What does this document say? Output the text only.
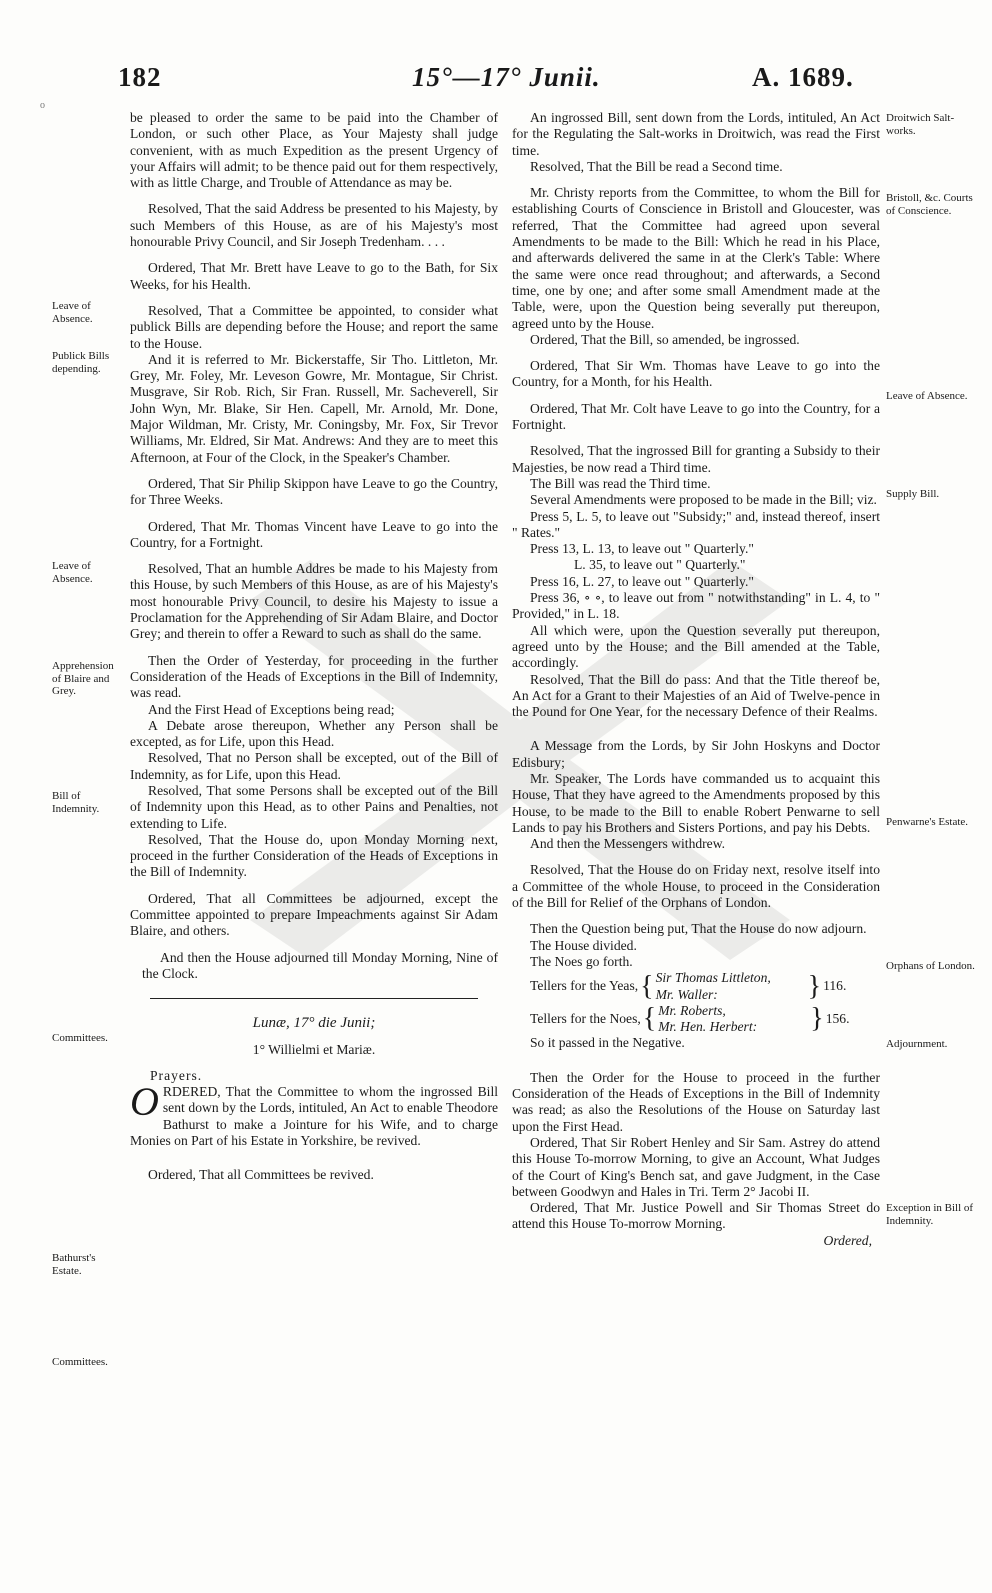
o
182	15°—17° Junii.	A. 1689.
Leave of Absence.
Publick Bills depending.
Leave of Absence.
Apprehension of Blaire and Grey.
Bill of Indemnity.
Committees.
Bathurst's Estate.
Committees.
Droitwich Salt-works.
Bristoll, &c. Courts of Conscience.
Leave of Absence.
Supply Bill.
Penwarne's Estate.
Orphans of London.
Adjournment.
Exception in Bill of Indemnity.

be pleased to order the same to be paid into the Chamber of London, or such other Place, as Your Majesty shall judge convenient, with as much Expedition as the present Urgency of your Affairs will admit; to be thence paid out for them respectively, with as little Charge, and Trouble of Attendance as may be.

Resolved, That the said Address be presented to his Majesty, by such Members of this House, as are of his Majesty's most honourable Privy Council, and Sir Joseph Tredenham. . . .

Ordered, That Mr. Brett have Leave to go to the Bath, for Six Weeks, for his Health.

Resolved, That a Committee be appointed, to consider what publick Bills are depending before the House; and report the same to the House.

And it is referred to Mr. Bickerstaffe, Sir Tho. Littleton, Mr. Grey, Mr. Foley, Mr. Leveson Gowre, Mr. Montague, Sir Christ. Musgrave, Sir Rob. Rich, Sir Fran. Russell, Mr. Sacheverell, Sir John Wyn, Mr. Blake, Sir Hen. Capell, Mr. Arnold, Mr. Done, Major Wildman, Mr. Cristy, Mr. Coningsby, Mr. Fox, Sir Trevor Williams, Mr. Eldred, Sir Mat. Andrews: And they are to meet this Afternoon, at Four of the Clock, in the Speaker's Chamber.

Ordered, That Sir Philip Skippon have Leave to go the Country, for Three Weeks.

Ordered, That Mr. Thomas Vincent have Leave to go into the Country, for a Fortnight.

Resolved, That an humble Addres be made to his Majesty from this House, by such Members of this House, as are of his Majesty's most honourable Privy Council, to desire his Majesty to issue a Proclamation for the Apprehending of Sir Adam Blaire, and Doctor Grey; and therein to offer a Reward to such as shall do the same.

Then the Order of Yesterday, for proceeding in the further Consideration of the Heads of Exceptions in the Bill of Indemnity, was read.

And the First Head of Exceptions being read;

A Debate arose thereupon, Whether any Person shall be excepted, as for Life, upon this Head.

Resolved, That no Person shall be excepted, out of the Bill of Indemnity, as for Life, upon this Head.

Resolved, That some Persons shall be excepted out of the Bill of Indemnity upon this Head, as to other Pains and Penalties, not extending to Life.

Resolved, That the House do, upon Monday Morning next, proceed in the further Consideration of the Heads of Exceptions in the Bill of Indemnity.

Ordered, That all Committees be adjourned, except the Committee appointed to prepare Impeachments against Sir Adam Blaire, and others.

And then the House adjourned till Monday Morning, Nine of the Clock.

Lunæ, 17° die Junii;

1° Willielmi et Mariæ.

Prayers.

ORDERED, That the Committee to whom the ingrossed Bill sent down by the Lords, intituled, An Act to enable Theodore Bathurst to make a Jointure for his Wife, and to charge Monies on Part of his Estate in Yorkshire, be revived.

Ordered, That all Committees be revived.

An ingrossed Bill, sent down from the Lords, intituled, An Act for the Regulating the Salt-works in Droitwich, was read the First time.

Resolved, That the Bill be read a Second time.

Mr. Christy reports from the Committee, to whom the Bill for establishing Courts of Conscience in Bristoll and Gloucester, was referred, That the Committee had agreed upon several Amendments to be made to the Bill: Which he read in his Place, and afterwards delivered the same in at the Clerk's Table: Where the same were once read throughout; and afterwards, a Second time, one by one; and after some small Amendment made at the Table, were, upon the Question being severally put thereupon, agreed unto by the House.

Ordered, That the Bill, so amended, be ingrossed.

Ordered, That Sir Wm. Thomas have Leave to go into the Country, for a Month, for his Health.

Ordered, That Mr. Colt have Leave to go into the Country, for a Fortnight.

Resolved, That the ingrossed Bill for granting a Subsidy to their Majesties, be now read a Third time.

The Bill was read the Third time.

Several Amendments were proposed to be made in the Bill; viz.

Press 5, L. 5, to leave out "Subsidy;" and, instead thereof, insert " Rates."

Press 13, L. 13, to leave out " Quarterly."

L. 35, to leave out " Quarterly."

Press 16, L. 27, to leave out " Quarterly."

Press 36, ∘ ∘, to leave out from " notwithstanding" in L. 4, to " Provided," in L. 18.

All which were, upon the Question severally put thereupon, agreed unto by the House; and the Bill amended at the Table, accordingly.

Resolved, That the Bill do pass: And that the Title thereof be, An Act for a Grant to their Majesties of an Aid of Twelve-pence in the Pound for One Year, for the necessary Defence of their Realms.

A Message from the Lords, by Sir John Hoskyns and Doctor Edisbury;

Mr. Speaker, The Lords have commanded us to acquaint this House, That they have agreed to the Amendments proposed by this House, to be made to the Bill to enable Robert Penwarne to sell Lands to pay his Brothers and Sisters Portions, and pay his Debts.

And then the Messengers withdrew.

Resolved, That the House do on Friday next, resolve itself into a Committee of the whole House, to proceed in the Consideration of the Bill for Relief of the Orphans of London.

Then the Question being put, That the House do now adjourn.

The House divided.

The Noes go forth.

Tellers for the Yeas, { Sir Thomas Littleton,
Mr. Waller:	} 116.
Tellers for the Noes, { Mr. Roberts,
Mr. Hen. Herbert:	} 156.

So it passed in the Negative.

Then the Order for the House to proceed in the further Consideration of the Heads of Exceptions in the Bill of Indemnity was read; as also the Resolutions of the House on Saturday last upon the First Head.

Ordered, That Sir Robert Henley and Sir Sam. Astrey do attend this House To-morrow Morning, to give an Account, What Judges of the Court of King's Bench sat, and gave Judgment, in the Case between Goodwyn and Hales in Tri. Term 2° Jacobi II.

Ordered, That Mr. Justice Powell and Sir Thomas Street do attend this House To-morrow Morning.

Ordered,
